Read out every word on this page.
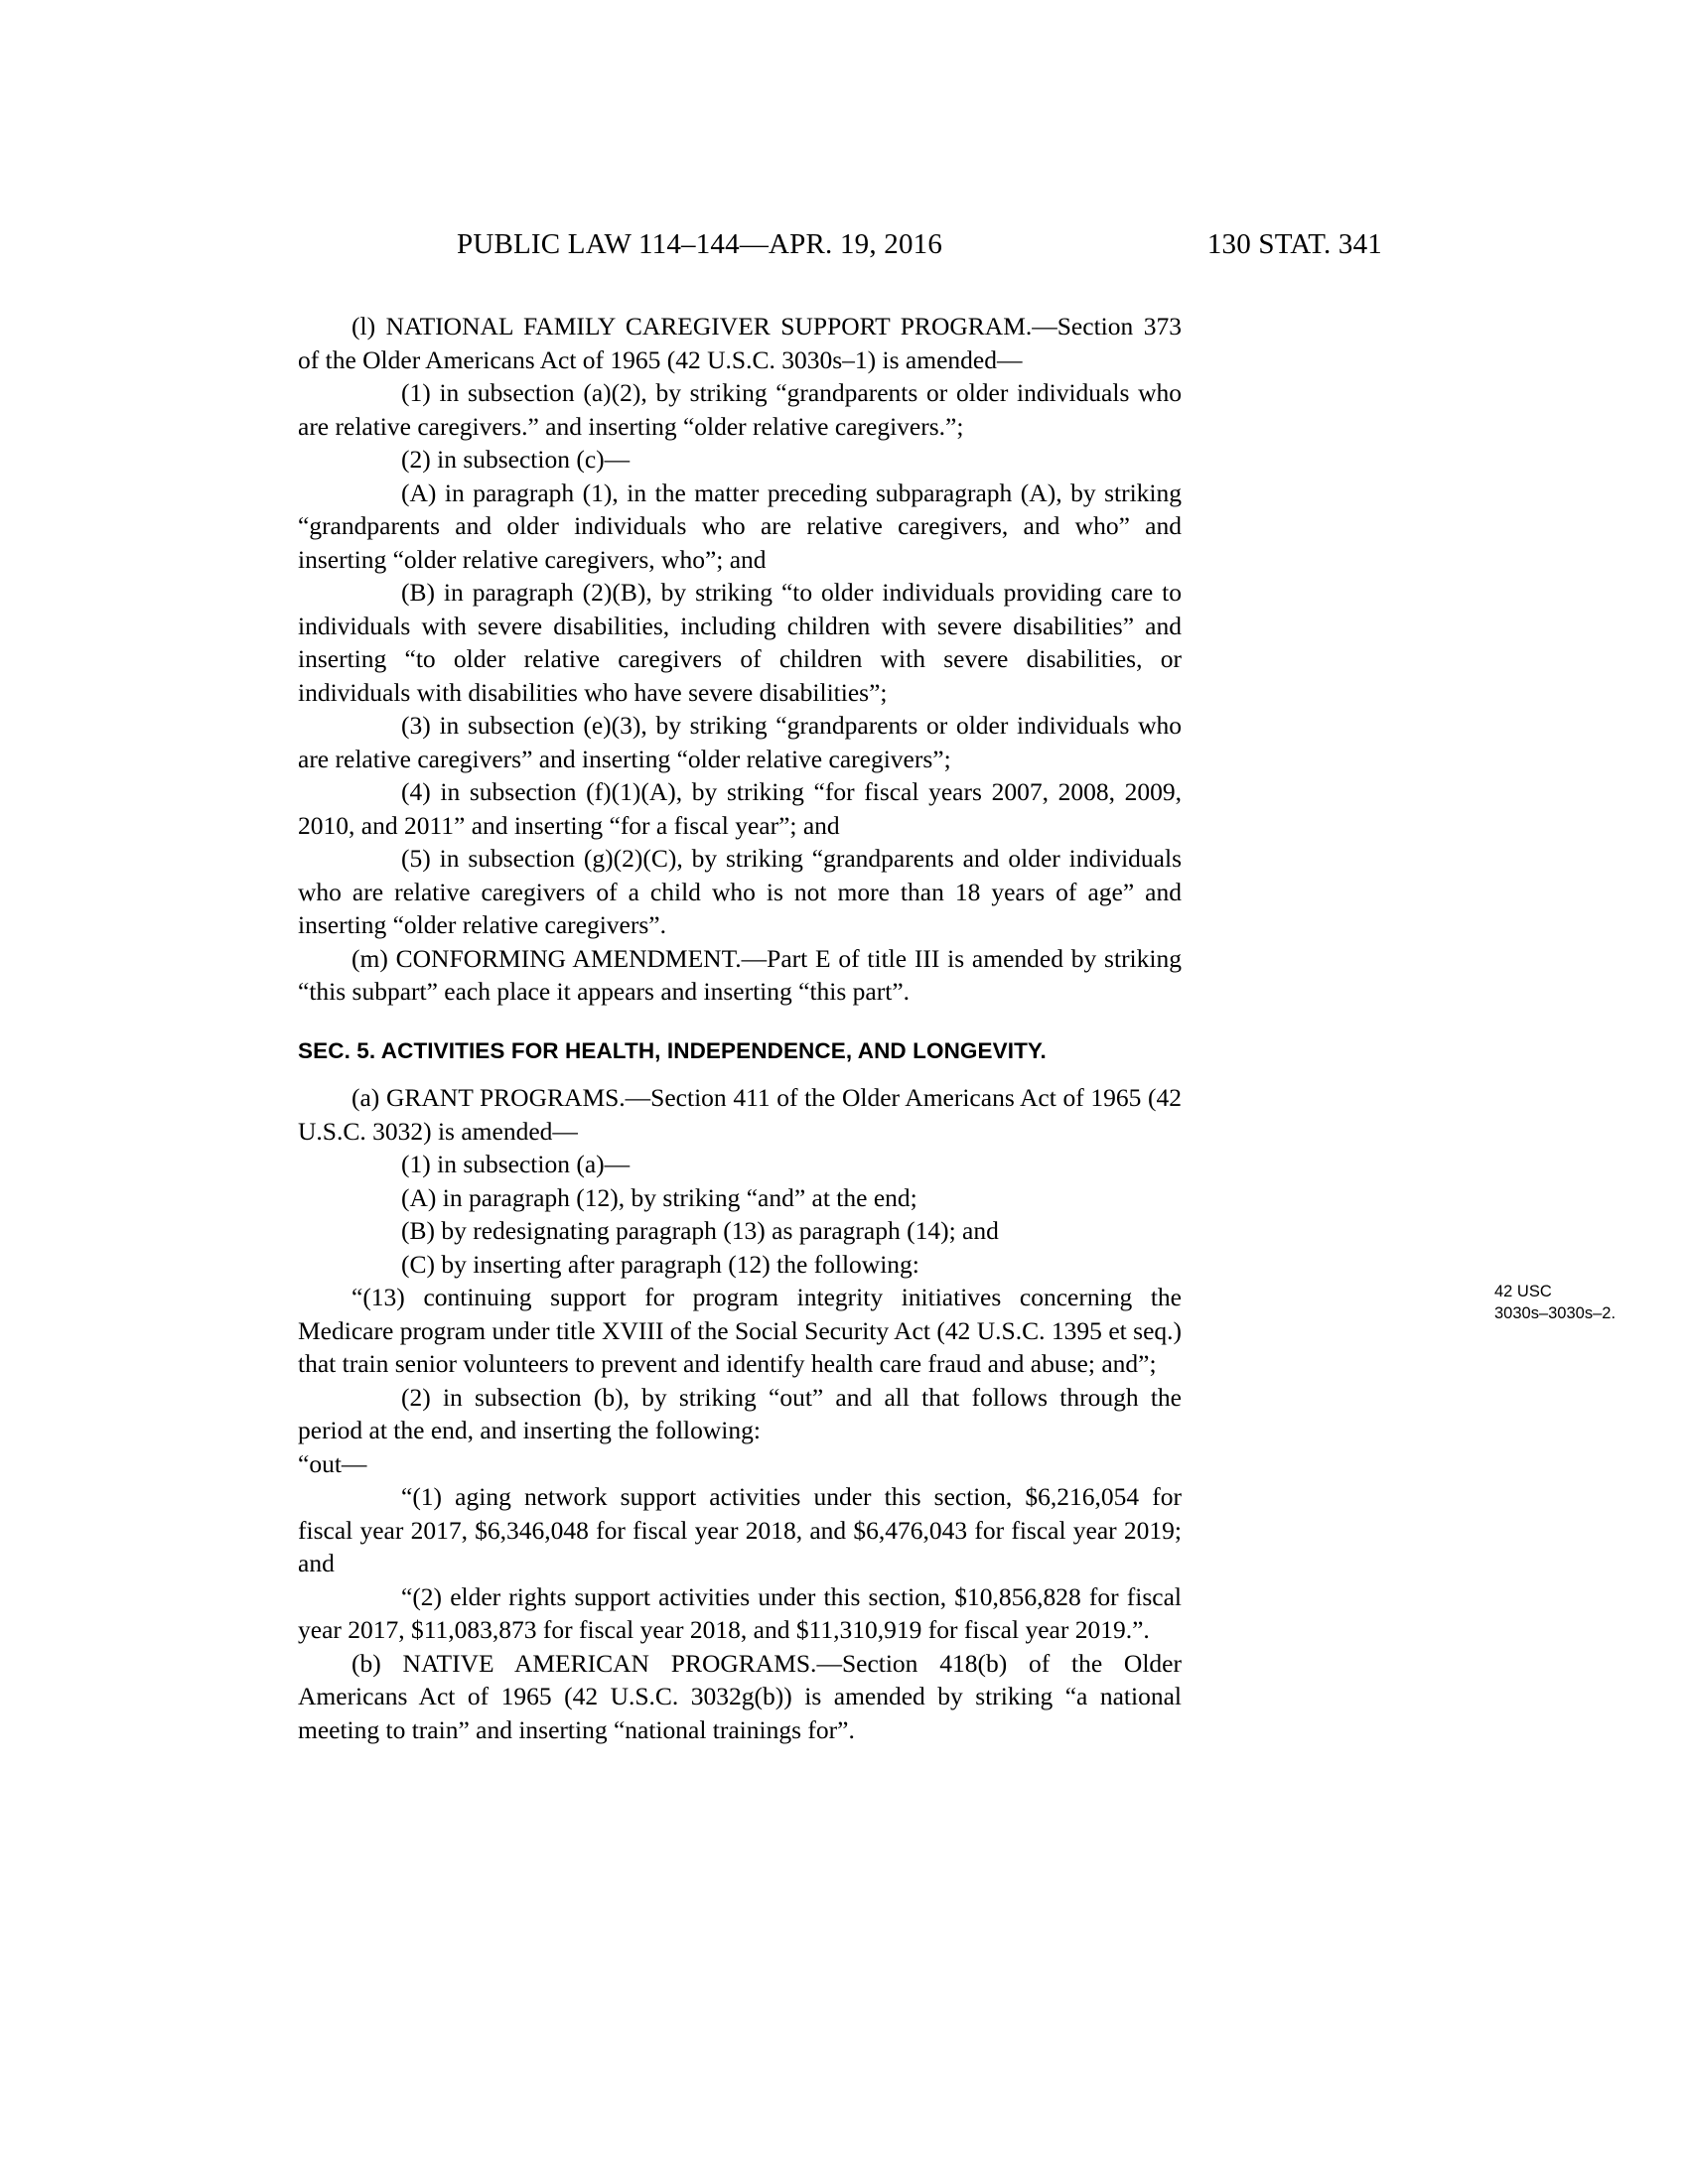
PUBLIC LAW 114–144—APR. 19, 2016	130 STAT. 341

(l) NATIONAL FAMILY CAREGIVER SUPPORT PROGRAM.—Section 373 of the Older Americans Act of 1965 (42 U.S.C. 3030s–1) is amended—

(1) in subsection (a)(2), by striking “grandparents or older individuals who are relative caregivers.” and inserting “older relative caregivers.”;

(2) in subsection (c)—

(A) in paragraph (1), in the matter preceding subparagraph (A), by striking “grandparents and older individuals who are relative caregivers, and who” and inserting “older relative caregivers, who”; and

(B) in paragraph (2)(B), by striking “to older individuals providing care to individuals with severe disabilities, including children with severe disabilities” and inserting “to older relative caregivers of children with severe disabilities, or individuals with disabilities who have severe disabilities”;

(3) in subsection (e)(3), by striking “grandparents or older individuals who are relative caregivers” and inserting “older relative caregivers”;

(4) in subsection (f)(1)(A), by striking “for fiscal years 2007, 2008, 2009, 2010, and 2011” and inserting “for a fiscal year”; and

(5) in subsection (g)(2)(C), by striking “grandparents and older individuals who are relative caregivers of a child who is not more than 18 years of age” and inserting “older relative caregivers”.

(m) CONFORMING AMENDMENT.—Part E of title III is amended by striking “this subpart” each place it appears and inserting “this part”.

SEC. 5. ACTIVITIES FOR HEALTH, INDEPENDENCE, AND LONGEVITY.

(a) GRANT PROGRAMS.—Section 411 of the Older Americans Act of 1965 (42 U.S.C. 3032) is amended—

(1) in subsection (a)—

(A) in paragraph (12), by striking “and” at the end;

(B) by redesignating paragraph (13) as paragraph (14); and

(C) by inserting after paragraph (12) the following:

“(13) continuing support for program integrity initiatives concerning the Medicare program under title XVIII of the Social Security Act (42 U.S.C. 1395 et seq.) that train senior volunteers to prevent and identify health care fraud and abuse; and”;

(2) in subsection (b), by striking “out” and all that follows through the period at the end, and inserting the following:

“out—

“(1) aging network support activities under this section, $6,216,054 for fiscal year 2017, $6,346,048 for fiscal year 2018, and $6,476,043 for fiscal year 2019; and

“(2) elder rights support activities under this section, $10,856,828 for fiscal year 2017, $11,083,873 for fiscal year 2018, and $11,310,919 for fiscal year 2019.”.

(b) NATIVE AMERICAN PROGRAMS.—Section 418(b) of the Older Americans Act of 1965 (42 U.S.C. 3032g(b)) is amended by striking “a national meeting to train” and inserting “national trainings for”.

42 USC
3030s–3030s–2.
